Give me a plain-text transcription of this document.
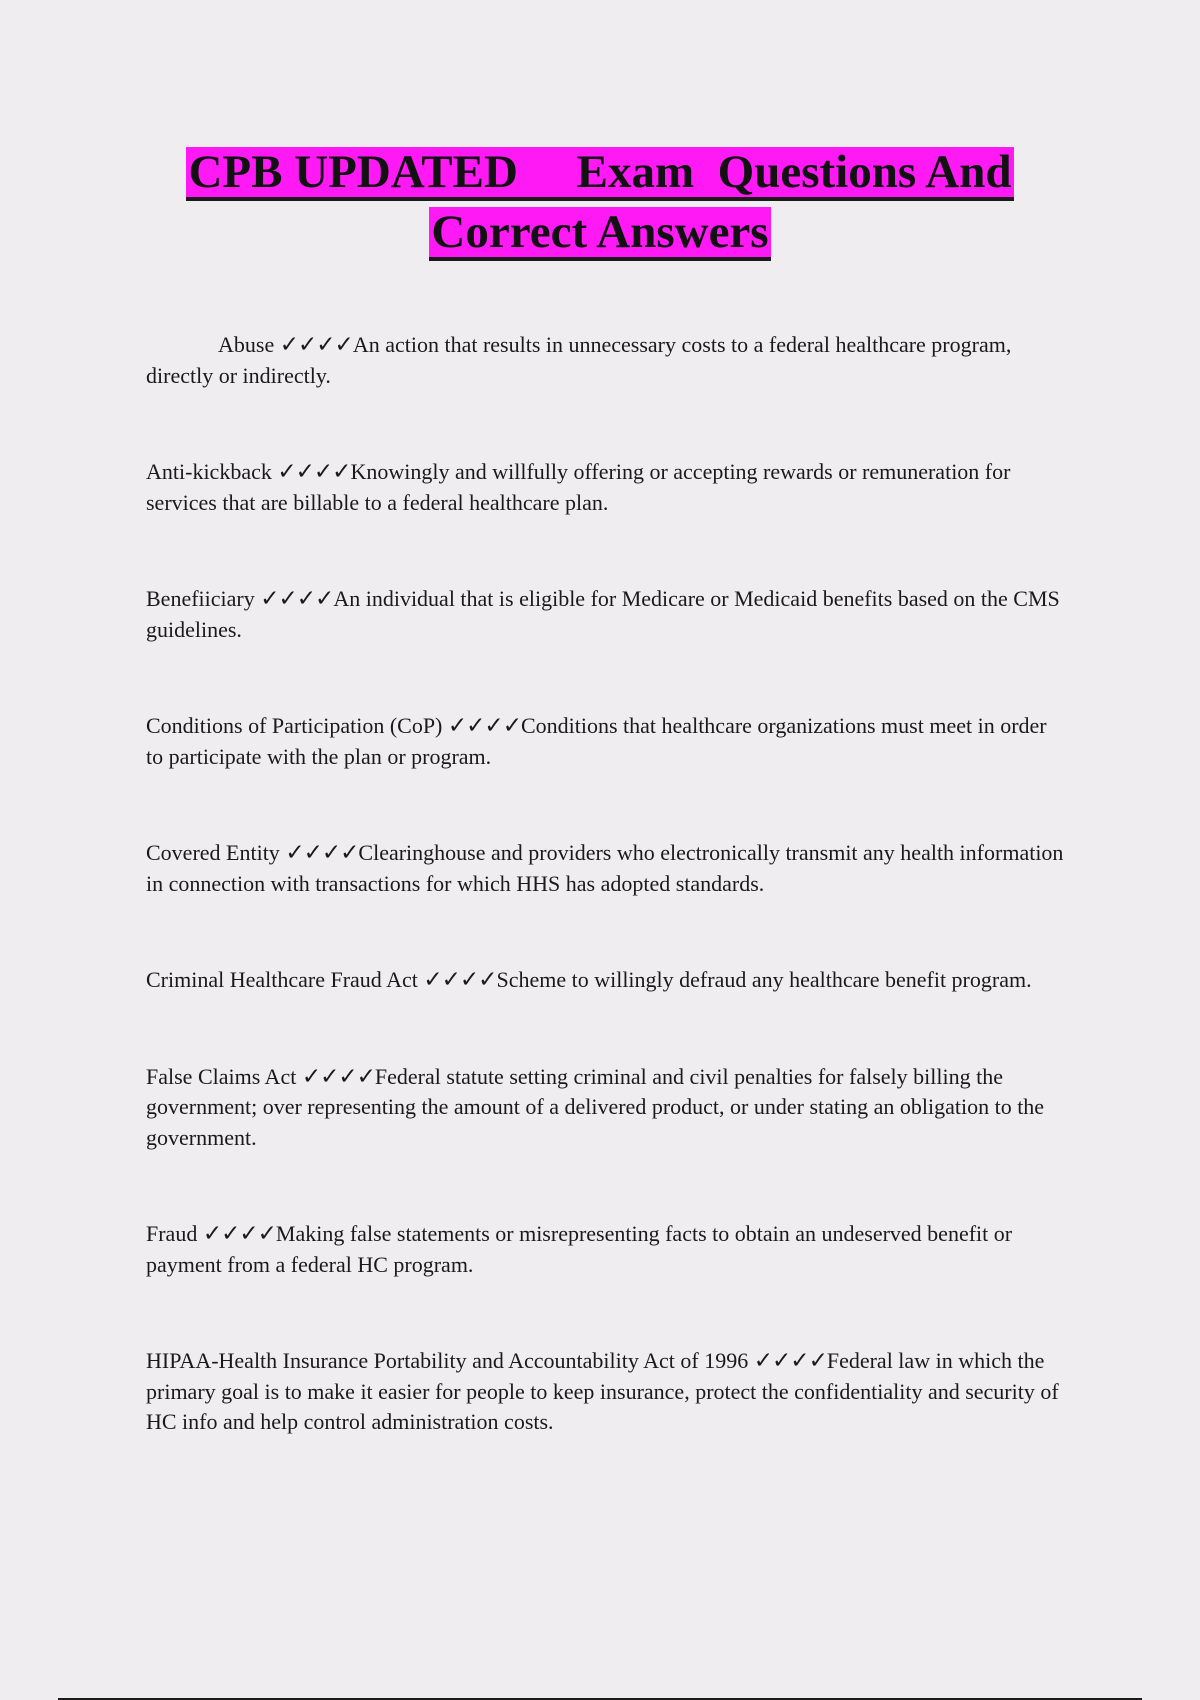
CPB UPDATED     Exam  Questions And
Correct Answers

Abuse ✓✓✓✓An action that results in unnecessary costs to a federal healthcare program, directly or indirectly.

Anti-kickback ✓✓✓✓Knowingly and willfully offering or accepting rewards or remuneration for services that are billable to a federal healthcare plan.

Benefiiciary ✓✓✓✓An individual that is eligible for Medicare or Medicaid benefits based on the CMS guidelines.

Conditions of Participation (CoP) ✓✓✓✓Conditions that healthcare organizations must meet in order to participate with the plan or program.

Covered Entity ✓✓✓✓Clearinghouse and providers who electronically transmit any health information in connection with transactions for which HHS has adopted standards.

Criminal Healthcare Fraud Act ✓✓✓✓Scheme to willingly defraud any healthcare benefit program.

False Claims Act ✓✓✓✓Federal statute setting criminal and civil penalties for falsely billing the government; over representing the amount of a delivered product, or under stating an obligation to the government.

Fraud ✓✓✓✓Making false statements or misrepresenting facts to obtain an undeserved benefit or payment from a federal HC program.

HIPAA-Health Insurance Portability and Accountability Act of 1996 ✓✓✓✓Federal law in which the primary goal is to make it easier for people to keep insurance, protect the confidentiality and security of HC info and help control administration costs.
